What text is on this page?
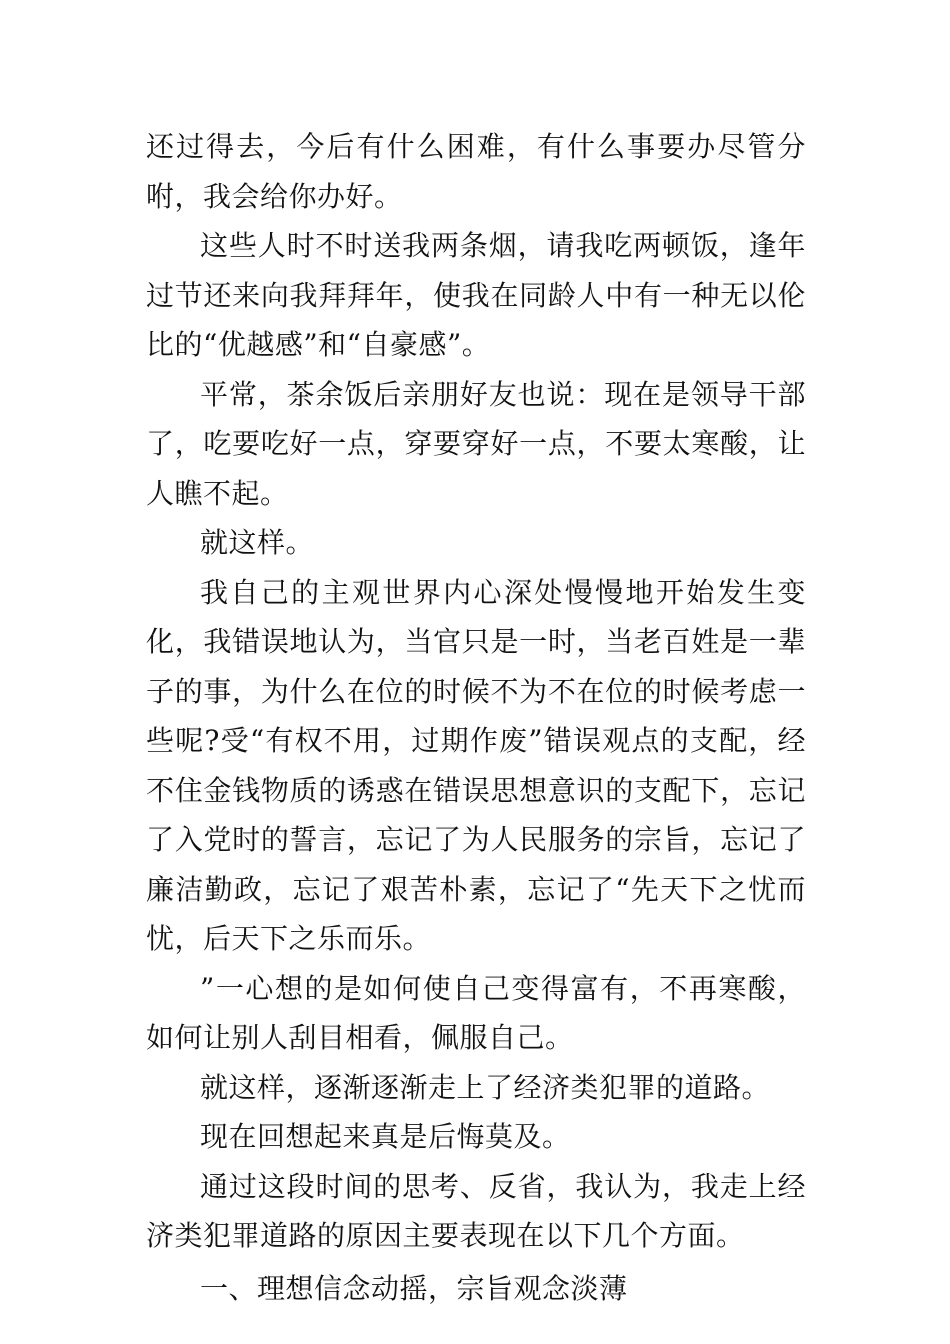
还过得去，今后有什么困难，有什么事要办尽管分咐，我会给你办好。

这些人时不时送我两条烟，请我吃两顿饭，逢年过节还来向我拜拜年，使我在同龄人中有一种无以伦比的“优越感”和“自豪感”。

平常，茶余饭后亲朋好友也说：现在是领导干部了，吃要吃好一点，穿要穿好一点，不要太寒酸，让人瞧不起。

就这样。

我自己的主观世界内心深处慢慢地开始发生变化，我错误地认为，当官只是一时，当老百姓是一辈子的事，为什么在位的时候不为不在位的时候考虑一些呢?受“有权不用，过期作废”错误观点的支配，经不住金钱物质的诱惑在错误思想意识的支配下，忘记了入党时的誓言，忘记了为人民服务的宗旨，忘记了廉洁勤政，忘记了艰苦朴素，忘记了“先天下之忧而忧，后天下之乐而乐。

”一心想的是如何使自己变得富有，不再寒酸，如何让别人刮目相看，佩服自己。

就这样，逐渐逐渐走上了经济类犯罪的道路。

现在回想起来真是后悔莫及。

通过这段时间的思考、反省，我认为，我走上经济类犯罪道路的原因主要表现在以下几个方面。

一、理想信念动摇，宗旨观念淡薄
